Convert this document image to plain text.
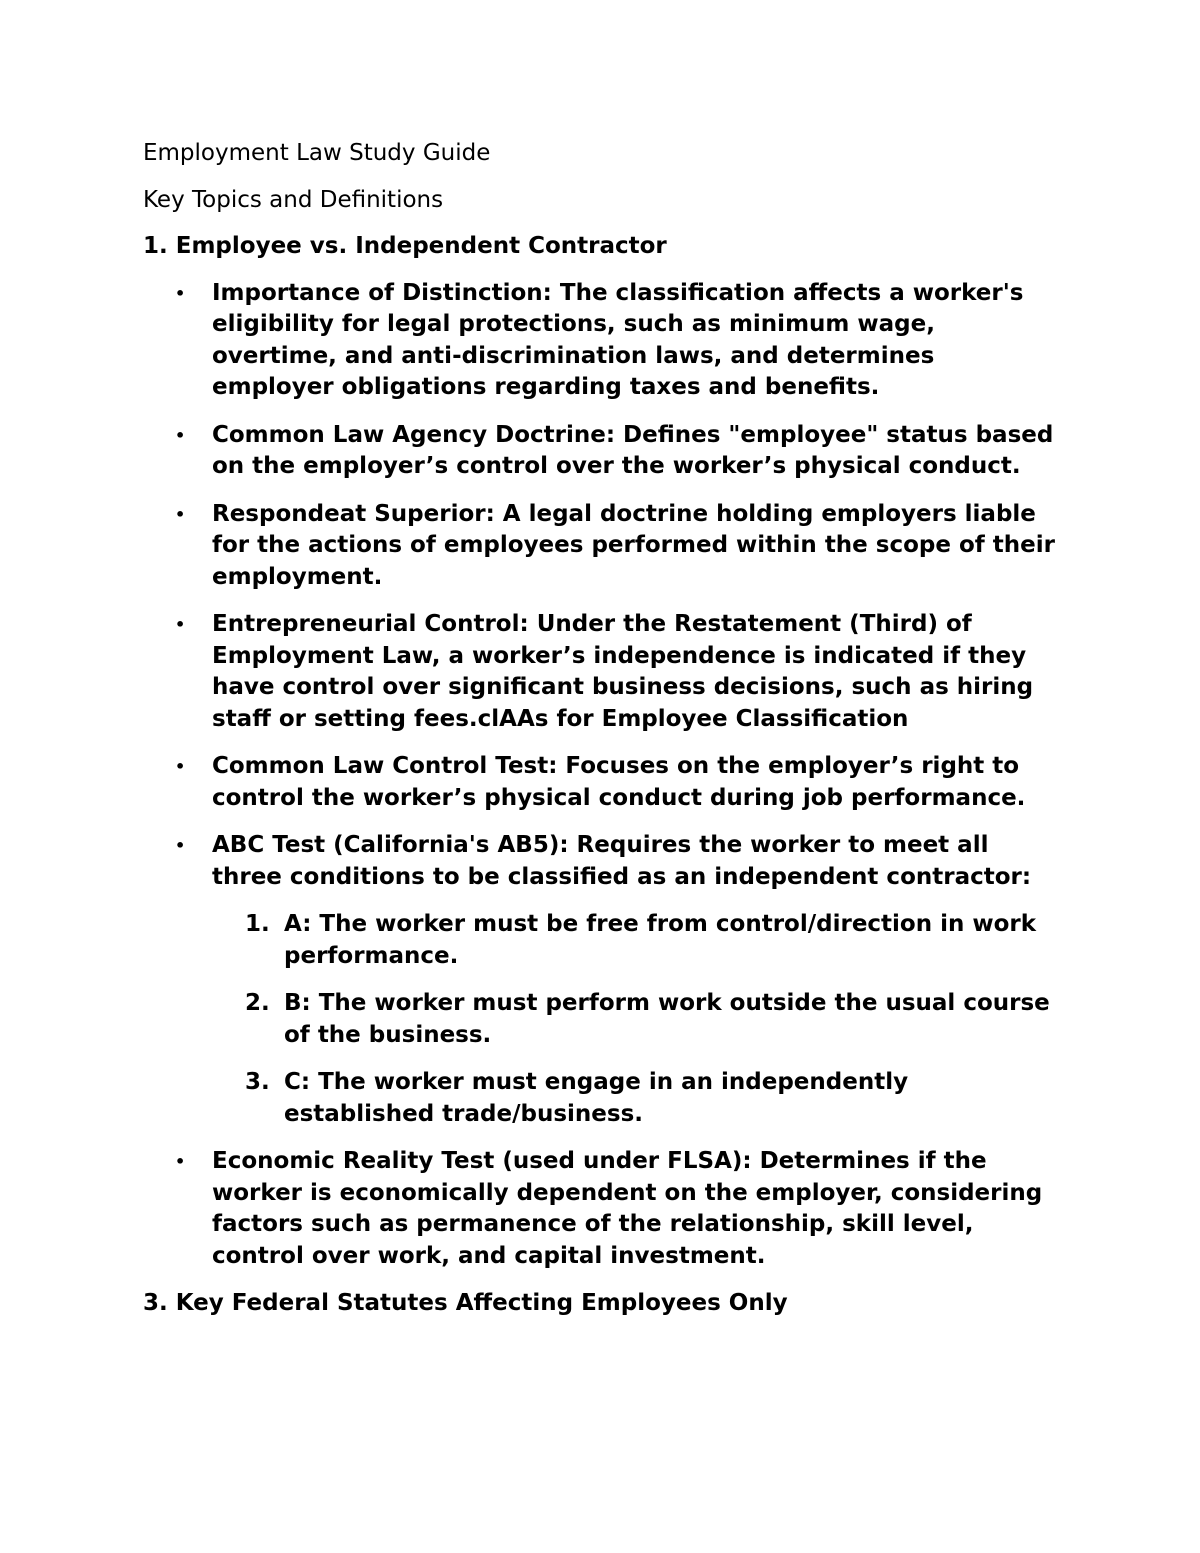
Employment Law Study Guide

Key Topics and Definitions

1. Employee vs. Independent Contractor

• Importance of Distinction: The classification affects a worker's eligibility for legal protections, such as minimum wage, overtime, and anti-discrimination laws, and determines employer obligations regarding taxes and benefits.
• Common Law Agency Doctrine: Defines "employee" status based on the employer’s control over the worker’s physical conduct.
• Respondeat Superior: A legal doctrine holding employers liable for the actions of employees performed within the scope of their employment.
• Entrepreneurial Control: Under the Restatement (Third) of Employment Law, a worker’s independence is indicated if they have control over significant business decisions, such as hiring staff or setting fees.clAAs for Employee Classification
• Common Law Control Test: Focuses on the employer’s right to control the worker’s physical conduct during job performance.
• ABC Test (California's AB5): Requires the worker to meet all three conditions to be classified as an independent contractor:
1. A: The worker must be free from control/direction in work performance.
2. B: The worker must perform work outside the usual course of the business.
3. C: The worker must engage in an independently established trade/business.
• Economic Reality Test (used under FLSA): Determines if the worker is economically dependent on the employer, considering factors such as permanence of the relationship, skill level, control over work, and capital investment.

3. Key Federal Statutes Affecting Employees Only
